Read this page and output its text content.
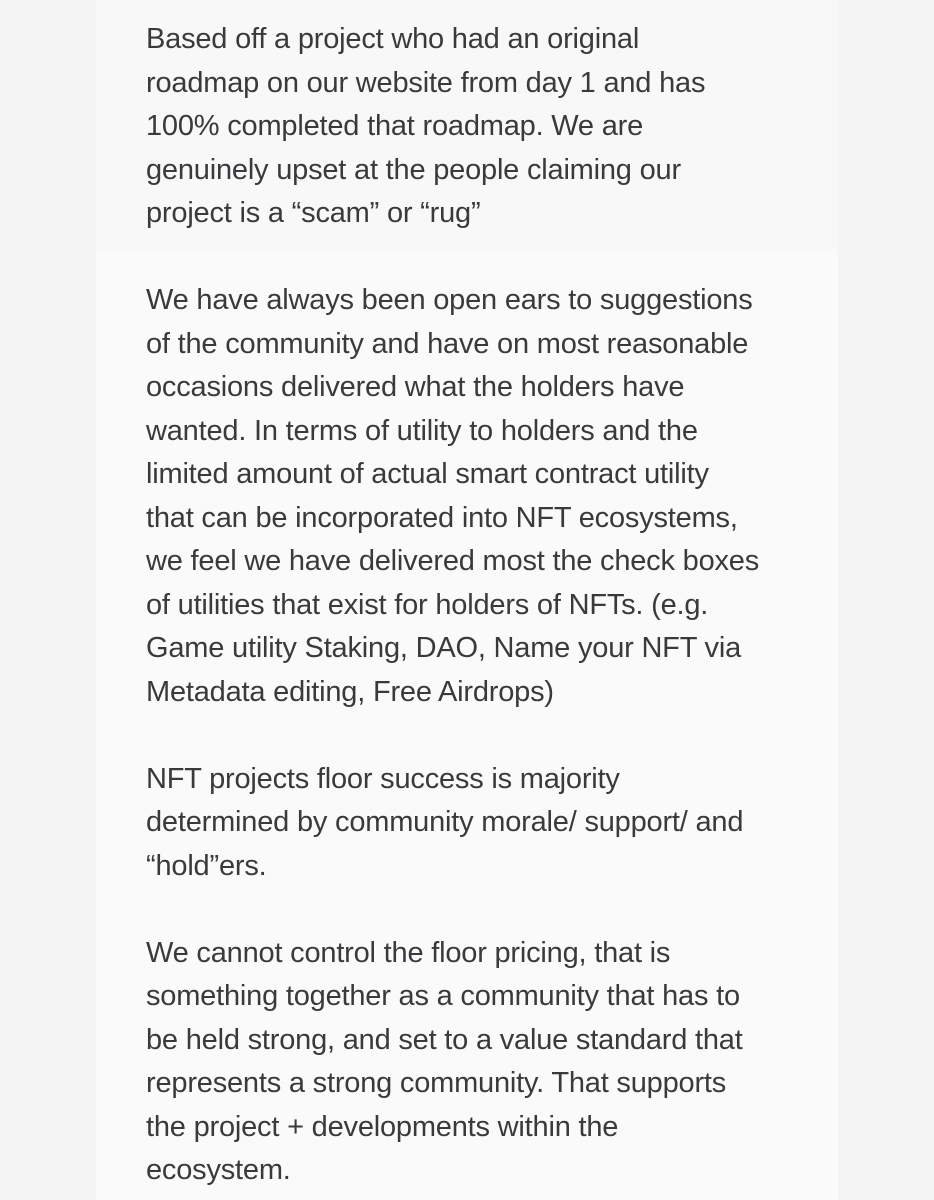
Based off a project who had an original
roadmap on our website from day 1 and has
100% completed that roadmap. We are
genuinely upset at the people claiming our
project is a “scam” or “rug”

We have always been open ears to suggestions
of the community and have on most reasonable
occasions delivered what the holders have
wanted. In terms of utility to holders and the
limited amount of actual smart contract utility
that can be incorporated into NFT ecosystems,
we feel we have delivered most the check boxes
of utilities that exist for holders of NFTs. (e.g.
Game utility Staking, DAO, Name your NFT via
Metadata editing, Free Airdrops)

NFT projects floor success is majority
determined by community morale/ support/ and
“hold”ers.

We cannot control the floor pricing, that is
something together as a community that has to
be held strong, and set to a value standard that
represents a strong community. That supports
the project + developments within the
ecosystem.
